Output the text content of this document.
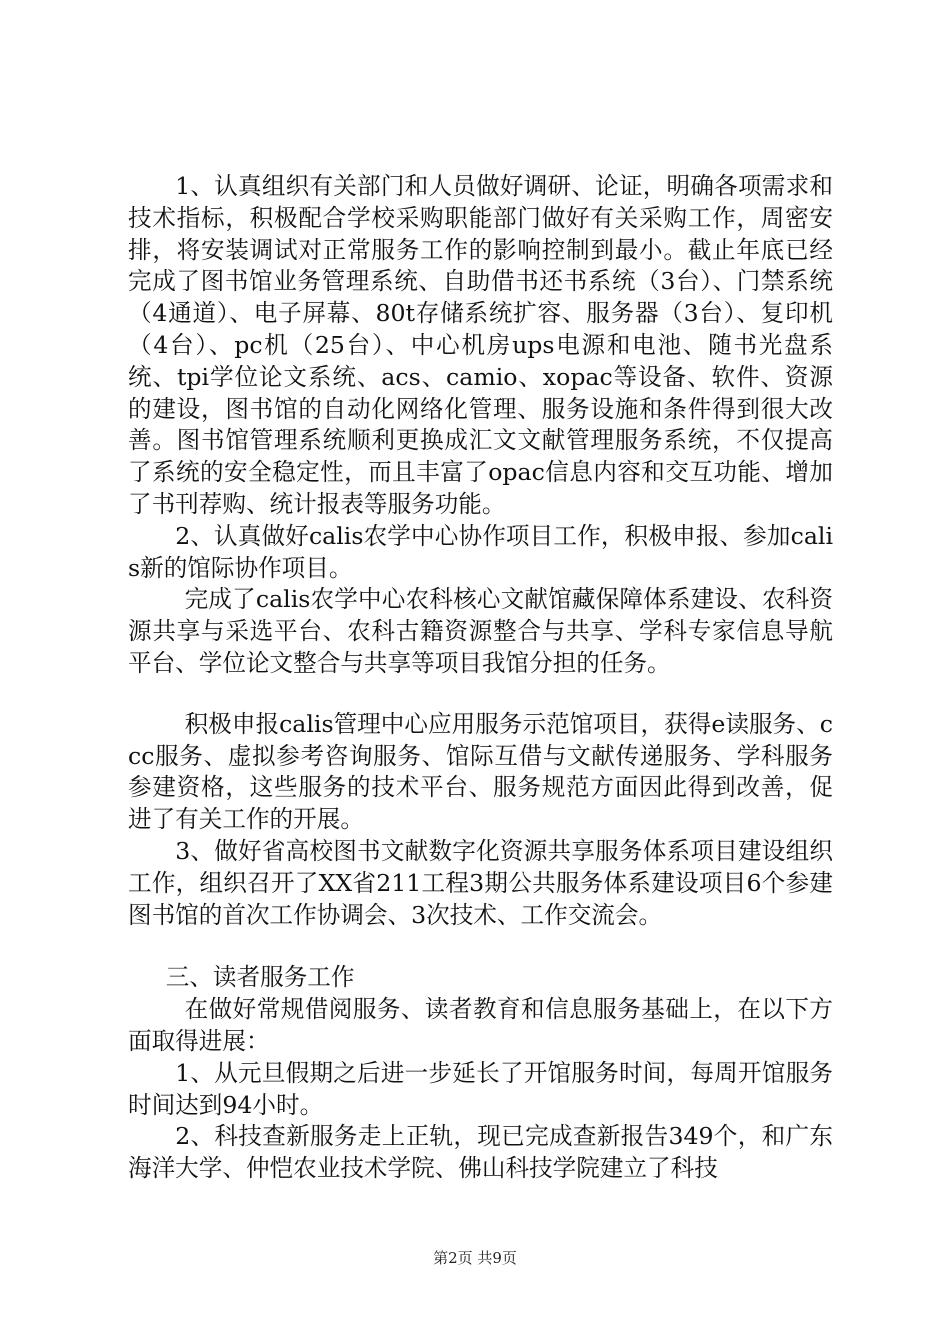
1、认真组织有关部门和人员做好调研、论证，明确各项需求和技术指标，积极配合学校采购职能部门做好有关采购工作，周密安排，将安装调试对正常服务工作的影响控制到最小。截止年底已经完成了图书馆业务管理系统、自助借书还书系统（3台）、门禁系统（4通道）、电子屏幕、80t存储系统扩容、服务器（3台）、复印机（4台）、pc机（25台）、中心机房ups电源和电池、随书光盘系统、tpi学位论文系统、acs、camio、xopac等设备、软件、资源的建设，图书馆的自动化网络化管理、服务设施和条件得到很大改善。图书馆管理系统顺利更换成汇文文献管理服务系统，不仅提高了系统的安全稳定性，而且丰富了opac信息内容和交互功能、增加了书刊荐购、统计报表等服务功能。

2、认真做好calis农学中心协作项目工作，积极申报、参加calis新的馆际协作项目。

完成了calis农学中心农科核心文献馆藏保障体系建设、农科资源共享与采选平台、农科古籍资源整合与共享、学科专家信息导航平台、学位论文整合与共享等项目我馆分担的任务。

积极申报calis管理中心应用服务示范馆项目，获得e读服务、ccc服务、虚拟参考咨询服务、馆际互借与文献传递服务、学科服务参建资格，这些服务的技术平台、服务规范方面因此得到改善，促进了有关工作的开展。

3、做好省高校图书文献数字化资源共享服务体系项目建设组织工作，组织召开了XX省211工程3期公共服务体系建设项目6个参建图书馆的首次工作协调会、3次技术、工作交流会。

三、读者服务工作

在做好常规借阅服务、读者教育和信息服务基础上，在以下方面取得进展：

1、从元旦假期之后进一步延长了开馆服务时间，每周开馆服务时间达到94小时。

2、科技查新服务走上正轨，现已完成查新报告349个，和广东海洋大学、仲恺农业技术学院、佛山科技学院建立了科技

第2页 共9页
